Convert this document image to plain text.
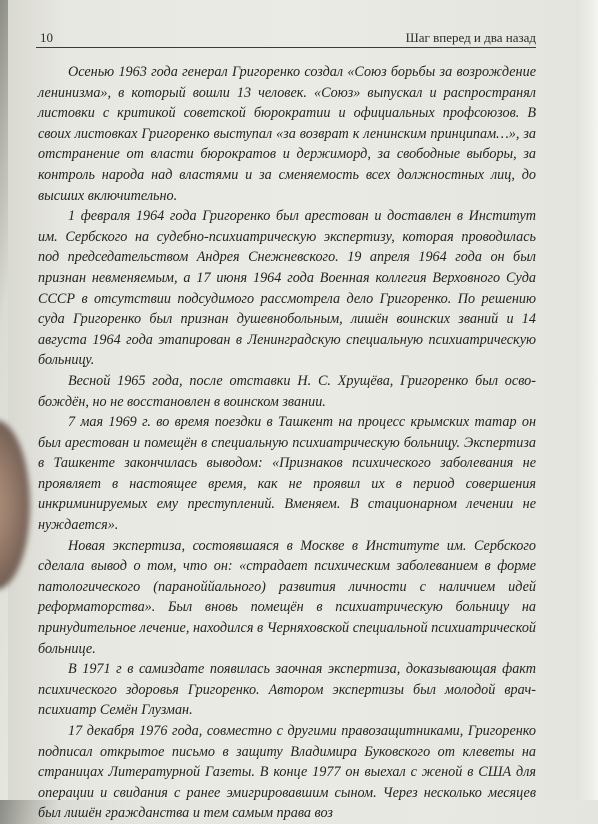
10	Шаг вперед и два назад

Осенью 1963 года генерал Григоренко создал «Союз борьбы за возрождение ленинизма», в который вошли 13 человек. «Союз» выпускал и распространял листовки с критикой советской бюрократии и официальных профсоюзов. В своих листовках Григоренко выступал «за возврат к ленинским принципам…», за отстранение от власти бюрократов и держиморд, за свободные выборы, за контроль народа над властями и за сменяемость всех должностных лиц, до высших включительно.

1 февраля 1964 года Григоренко был арестован и доставлен в Институт им. Сербского на судебно-психиатрическую экспертизу, которая проводилась под председательством Андрея Снежневского. 19 апреля 1964 года он был признан невменяемым, а 17 июня 1964 года Военная коллегия Верховного Суда СССР в отсутствии подсудимого рассмотрела дело Григоренко. По решению суда Григоренко был признан душевнобольным, лишён воинских званий и 14 августа 1964 года этапирован в Ленинградскую специальную психиатрическую больницу.

Весной 1965 года, после отставки Н. С. Хрущёва, Григоренко был освобождён, но не восстановлен в воинском звании.

7 мая 1969 г. во время поездки в Ташкент на процесс крымских татар он был арестован и помещён в специальную психиатрическую больницу. Экспертиза в Ташкенте закончилась выводом: «Признаков психического заболевания не проявляет в настоящее время, как не проявил их в период совершения инкриминируемых ему преступлений. Вменяем. В стационарном лечении не нуждается».

Новая экспертиза, состоявшаяся в Москве в Институте им. Сербского сделала вывод о том, что он: «страдает психическим заболеванием в форме патологического (параноййального) развития личности с наличием идей реформаторства». Был вновь помещён в психиатрическую больницу на принудительное лечение, находился в Черняховской специальной психиатрической больнице.

В 1971 г в самиздате появилась заочная экспертиза, доказывающая факт психического здоровья Григоренко. Автором экспертизы был молодой врач-психиатр Семён Глузман.

17 декабря 1976 года, совместно с другими правозащитниками, Григоренко подписал открытое письмо в защиту Владимира Буковского от клеветы на страницах Литературной Газеты. В конце 1977 он выехал с женой в США для операции и свидания с ранее эмигрировавшим сыном. Через несколько месяцев был лишён гражданства и тем самым права воз
